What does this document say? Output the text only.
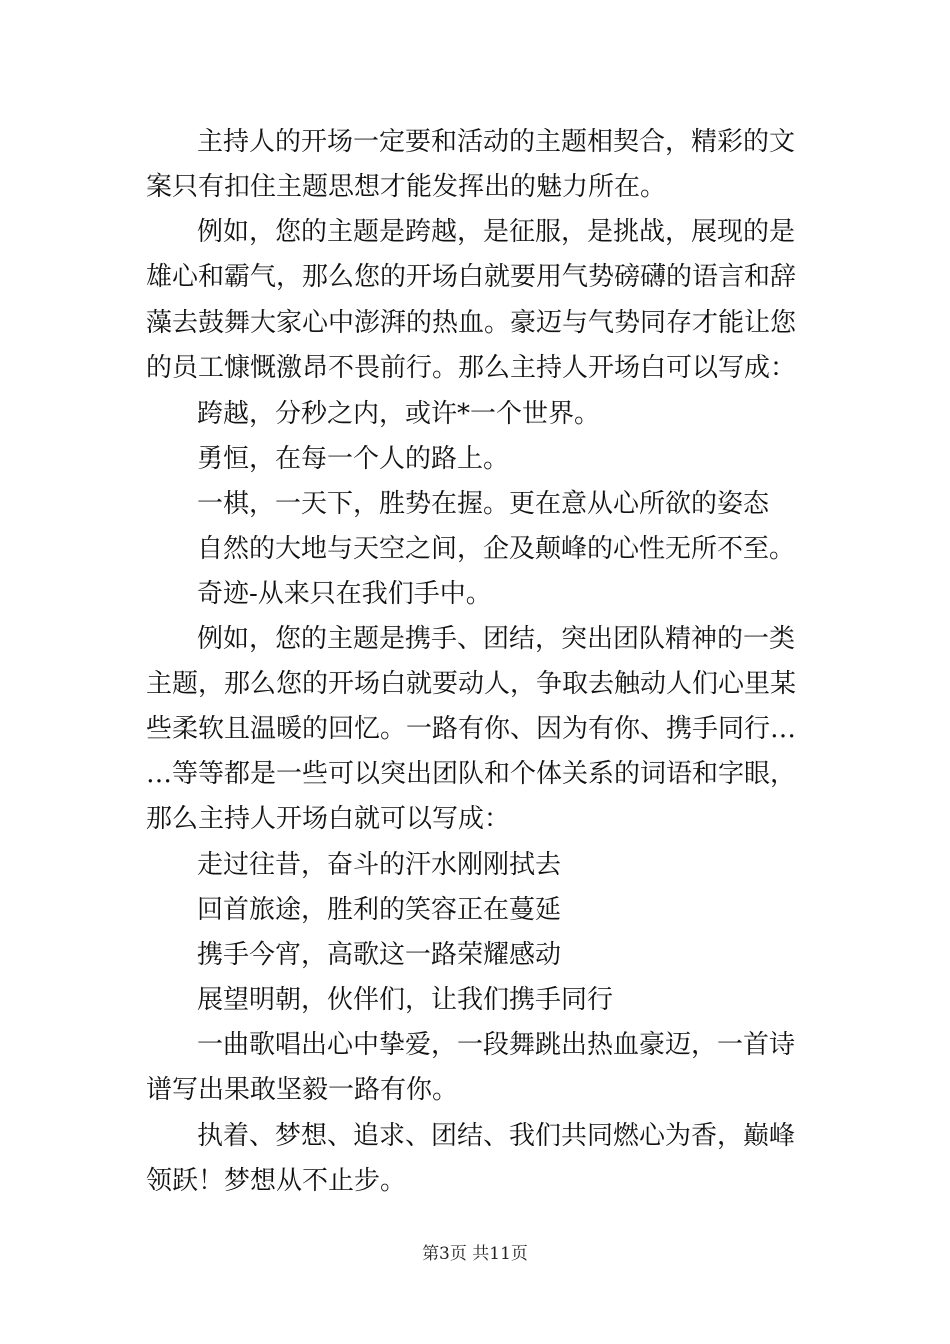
主持人的开场一定要和活动的主题相契合，精彩的文
案只有扣住主题思想才能发挥出的魅力所在。
例如，您的主题是跨越，是征服，是挑战，展现的是
雄心和霸气，那么您的开场白就要用气势磅礴的语言和辞
藻去鼓舞大家心中澎湃的热血。豪迈与气势同存才能让您
的员工慷慨激昂不畏前行。那么主持人开场白可以写成：
跨越，分秒之内，或许*一个世界。
勇恒，在每一个人的路上。
一棋，一天下，胜势在握。更在意从心所欲的姿态
自然的大地与天空之间，企及颠峰的心性无所不至。
奇迹-从来只在我们手中。
例如，您的主题是携手、团结，突出团队精神的一类
主题，那么您的开场白就要动人，争取去触动人们心里某
些柔软且温暖的回忆。一路有你、因为有你、携手同行…
…等等都是一些可以突出团队和个体关系的词语和字眼，
那么主持人开场白就可以写成：
走过往昔，奋斗的汗水刚刚拭去
回首旅途，胜利的笑容正在蔓延
携手今宵，高歌这一路荣耀感动
展望明朝，伙伴们，让我们携手同行
一曲歌唱出心中挚爱，一段舞跳出热血豪迈，一首诗
谱写出果敢坚毅一路有你。
执着、梦想、追求、团结、我们共同燃心为香，巅峰
领跃！梦想从不止步。
第3页 共11页
